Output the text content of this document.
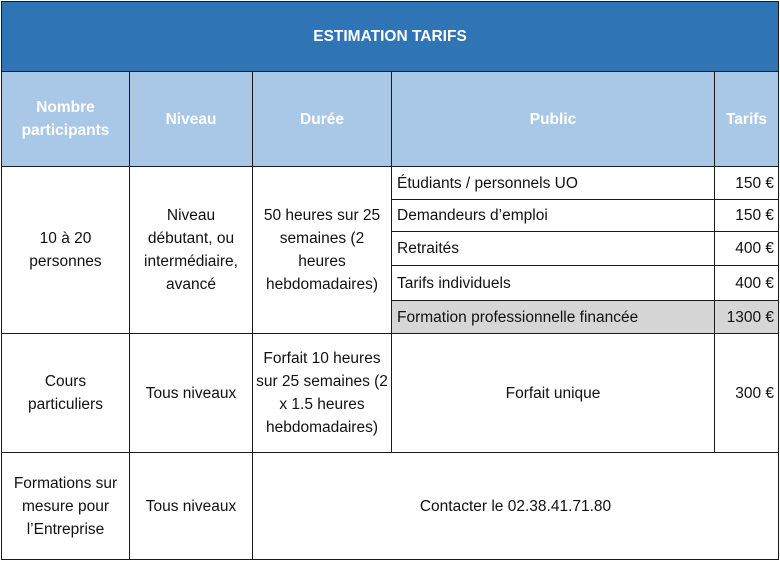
ESTIMATION TARIFS				
Nombre participants	Niveau	Durée	Public	Tarifs
10 à 20 personnes	Niveau débutant, ou intermédiaire, avancé	50 heures sur 25 semaines (2 heures hebdomadaires)	Étudiants / personnels UO	150 €
			Demandeurs d’emploi	150 €
			Retraités	400 €
			Tarifs individuels	400 €
			Formation professionnelle financée	1300 €
Cours particuliers	Tous niveaux	Forfait 10 heures sur 25 semaines (2 x 1.5 heures hebdomadaires)	Forfait unique	300 €
Formations sur mesure pour l’Entreprise	Tous niveaux	Contacter le 02.38.41.71.80		
